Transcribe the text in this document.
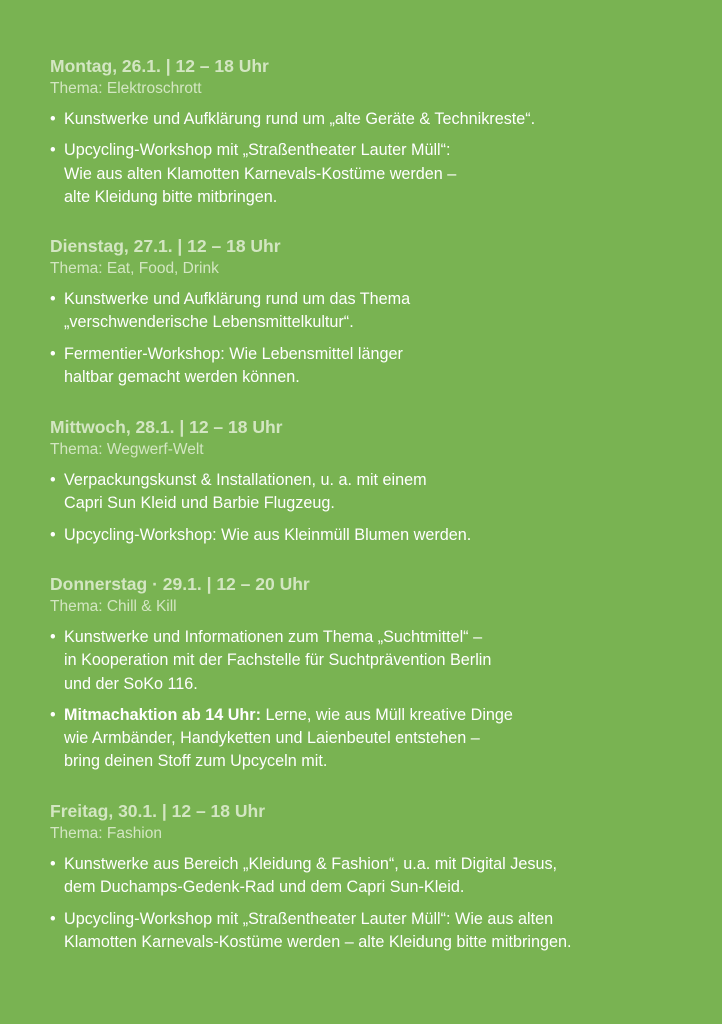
Montag, 26.1. | 12 – 18 Uhr
Thema: Elektroschrott
• Kunstwerke und Aufklärung rund um „alte Geräte & Technikreste“.
• Upcycling-Workshop mit „Straßentheater Lauter Müll“:
Wie aus alten Klamotten Karnevals-Kostüme werden –
alte Kleidung bitte mitbringen.
Dienstag, 27.1. | 12 – 18 Uhr
Thema: Eat, Food, Drink
• Kunstwerke und Aufklärung rund um das Thema
„verschwenderische Lebensmittelkultur“.
• Fermentier-Workshop: Wie Lebensmittel länger
haltbar gemacht werden können.
Mittwoch, 28.1. | 12 – 18 Uhr
Thema: Wegwerf-Welt
• Verpackungskunst & Installationen, u. a. mit einem
Capri Sun Kleid und Barbie Flugzeug.
• Upcycling-Workshop: Wie aus Kleinmüll Blumen werden.
Donnerstag · 29.1. | 12 – 20 Uhr
Thema: Chill & Kill
• Kunstwerke und Informationen zum Thema „Suchtmittel“ –
in Kooperation mit der Fachstelle für Suchtprävention Berlin
und der SoKo 116.
• Mitmachaktion ab 14 Uhr: Lerne, wie aus Müll kreative Dinge
wie Armbänder, Handyketten und Laienbeutel entstehen –
bring deinen Stoff zum Upcyceln mit.
Freitag, 30.1. | 12 – 18 Uhr
Thema: Fashion
• Kunstwerke aus Bereich „Kleidung & Fashion“, u.a. mit Digital Jesus,
dem Duchamps-Gedenk-Rad und dem Capri Sun-Kleid.
• Upcycling-Workshop mit „Straßentheater Lauter Müll“: Wie aus alten
Klamotten Karnevals-Kostüme werden – alte Kleidung bitte mitbringen.
